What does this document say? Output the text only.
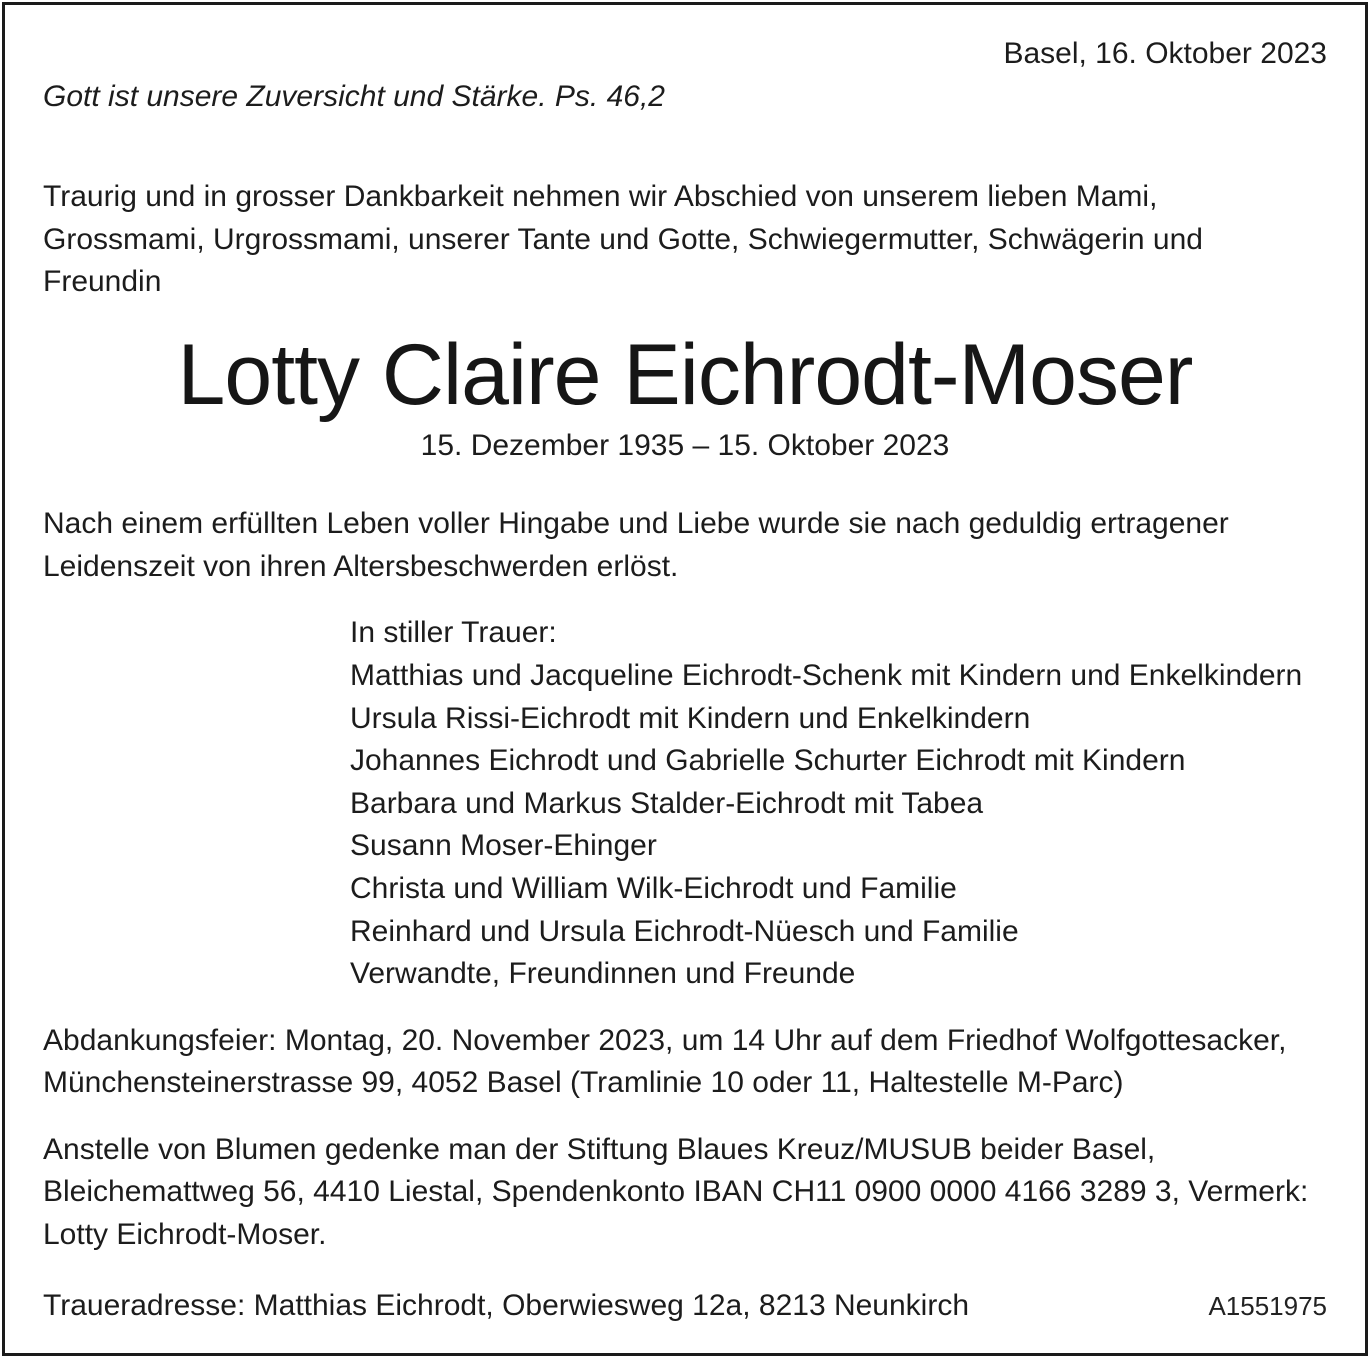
Basel, 16. Oktober 2023
Gott ist unsere Zuversicht und Stärke. Ps. 46,2
Traurig und in grosser Dankbarkeit nehmen wir Abschied von unserem lieben Mami, Grossmami, Urgrossmami, unserer Tante und Gotte, Schwiegermutter, Schwägerin und Freundin
Lotty Claire Eichrodt-Moser
15. Dezember 1935 – 15. Oktober 2023
Nach einem erfüllten Leben voller Hingabe und Liebe wurde sie nach geduldig ertragener Leidenszeit von ihren Altersbeschwerden erlöst.
In stiller Trauer:
Matthias und Jacqueline Eichrodt-Schenk mit Kindern und Enkelkindern
Ursula Rissi-Eichrodt mit Kindern und Enkelkindern
Johannes Eichrodt und Gabrielle Schurter Eichrodt mit Kindern
Barbara und Markus Stalder-Eichrodt mit Tabea
Susann Moser-Ehinger
Christa und William Wilk-Eichrodt und Familie
Reinhard und Ursula Eichrodt-Nüesch und Familie
Verwandte, Freundinnen und Freunde
Abdankungsfeier: Montag, 20. November 2023, um 14 Uhr auf dem Friedhof Wolfgottesacker, Münchensteinerstrasse 99, 4052 Basel (Tramlinie 10 oder 11, Haltestelle M-Parc)
Anstelle von Blumen gedenke man der Stiftung Blaues Kreuz/MUSUB beider Basel, Bleichemattweg 56, 4410 Liestal, Spendenkonto IBAN CH11 0900 0000 4166 3289 3, Vermerk: Lotty Eichrodt-Moser.
Traueradresse: Matthias Eichrodt, Oberwiesweg 12a, 8213 Neunkirch	A1551975
